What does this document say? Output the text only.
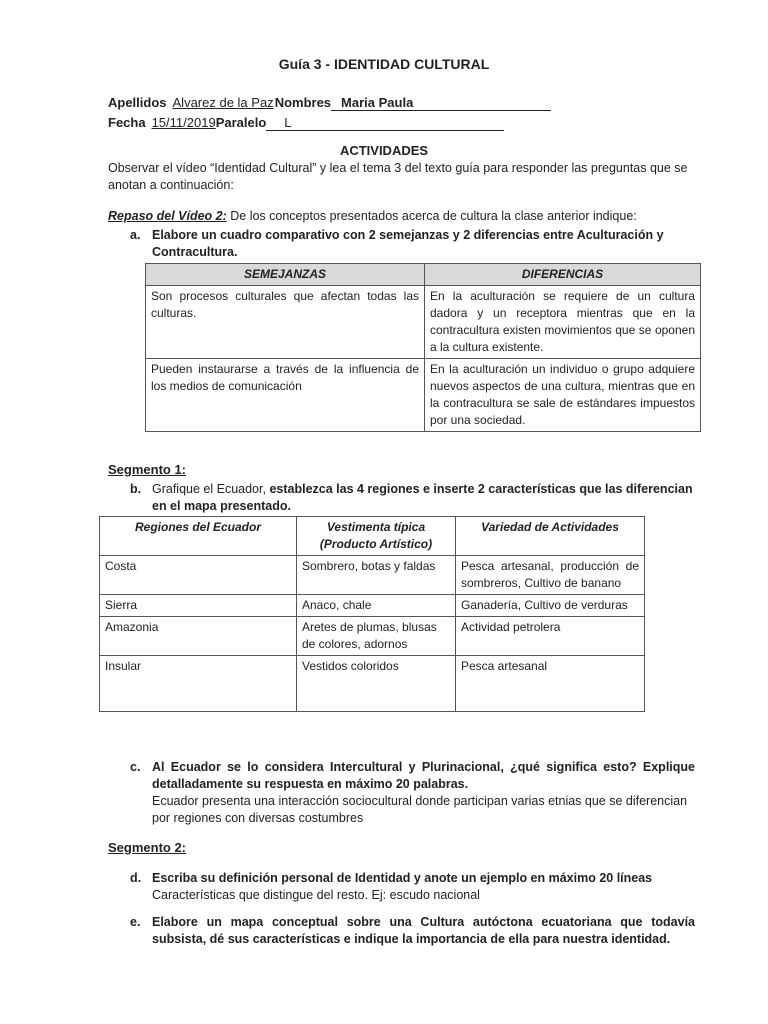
Guía 3 - IDENTIDAD CULTURAL
Apellidos Alvarez de la PazNombres Maria Paula
Fecha 15/11/2019Paralelo L
ACTIVIDADES
Observar el vídeo “Identidad Cultural” y lea el tema 3 del texto guía para responder las preguntas que se anotan a continuación:
Repaso del Vídeo 2: De los conceptos presentados acerca de cultura la clase anterior indique:
a. Elabore un cuadro comparativo con 2 semejanzas y 2 diferencias entre Aculturación y Contracultura.
SEMEJANZAS	DIFERENCIAS
Son procesos culturales que afectan todas las culturas.	En la aculturación se requiere de un cultura dadora y un receptora mientras que en la contracultura existen movimientos que se oponen a la cultura existente.
Pueden instaurarse a través de la influencia de los medios de comunicación	En la aculturación un individuo o grupo adquiere nuevos aspectos de una cultura, mientras que en la contracultura se sale de estándares impuestos por una sociedad.
Segmento 1:
b. Grafique el Ecuador, establezca las 4 regiones e inserte 2 características que las diferencian en el mapa presentado.
Regiones del Ecuador	Vestimenta típica (Producto Artístico)	Variedad de Actividades
Costa	Sombrero, botas y faldas	Pesca artesanal, producción de sombreros, Cultivo de banano
Sierra	Anaco, chale	Ganadería, Cultivo de verduras
Amazonia	Aretes de plumas, blusas de colores, adornos	Actividad petrolera
Insular	Vestidos coloridos	Pesca artesanal
c. Al Ecuador se lo considera Intercultural y Plurinacional, ¿qué significa esto? Explique detalladamente su respuesta en máximo 20 palabras.
Ecuador presenta una interacción sociocultural donde participan varias etnias que se diferencian por regiones con diversas costumbres
Segmento 2:
d. Escriba su definición personal de Identidad y anote un ejemplo en máximo 20 líneas
Características que distingue del resto. Ej: escudo nacional
e. Elabore un mapa conceptual sobre una Cultura autóctona ecuatoriana que todavía subsista, dé sus características e indique la importancia de ella para nuestra identidad.
